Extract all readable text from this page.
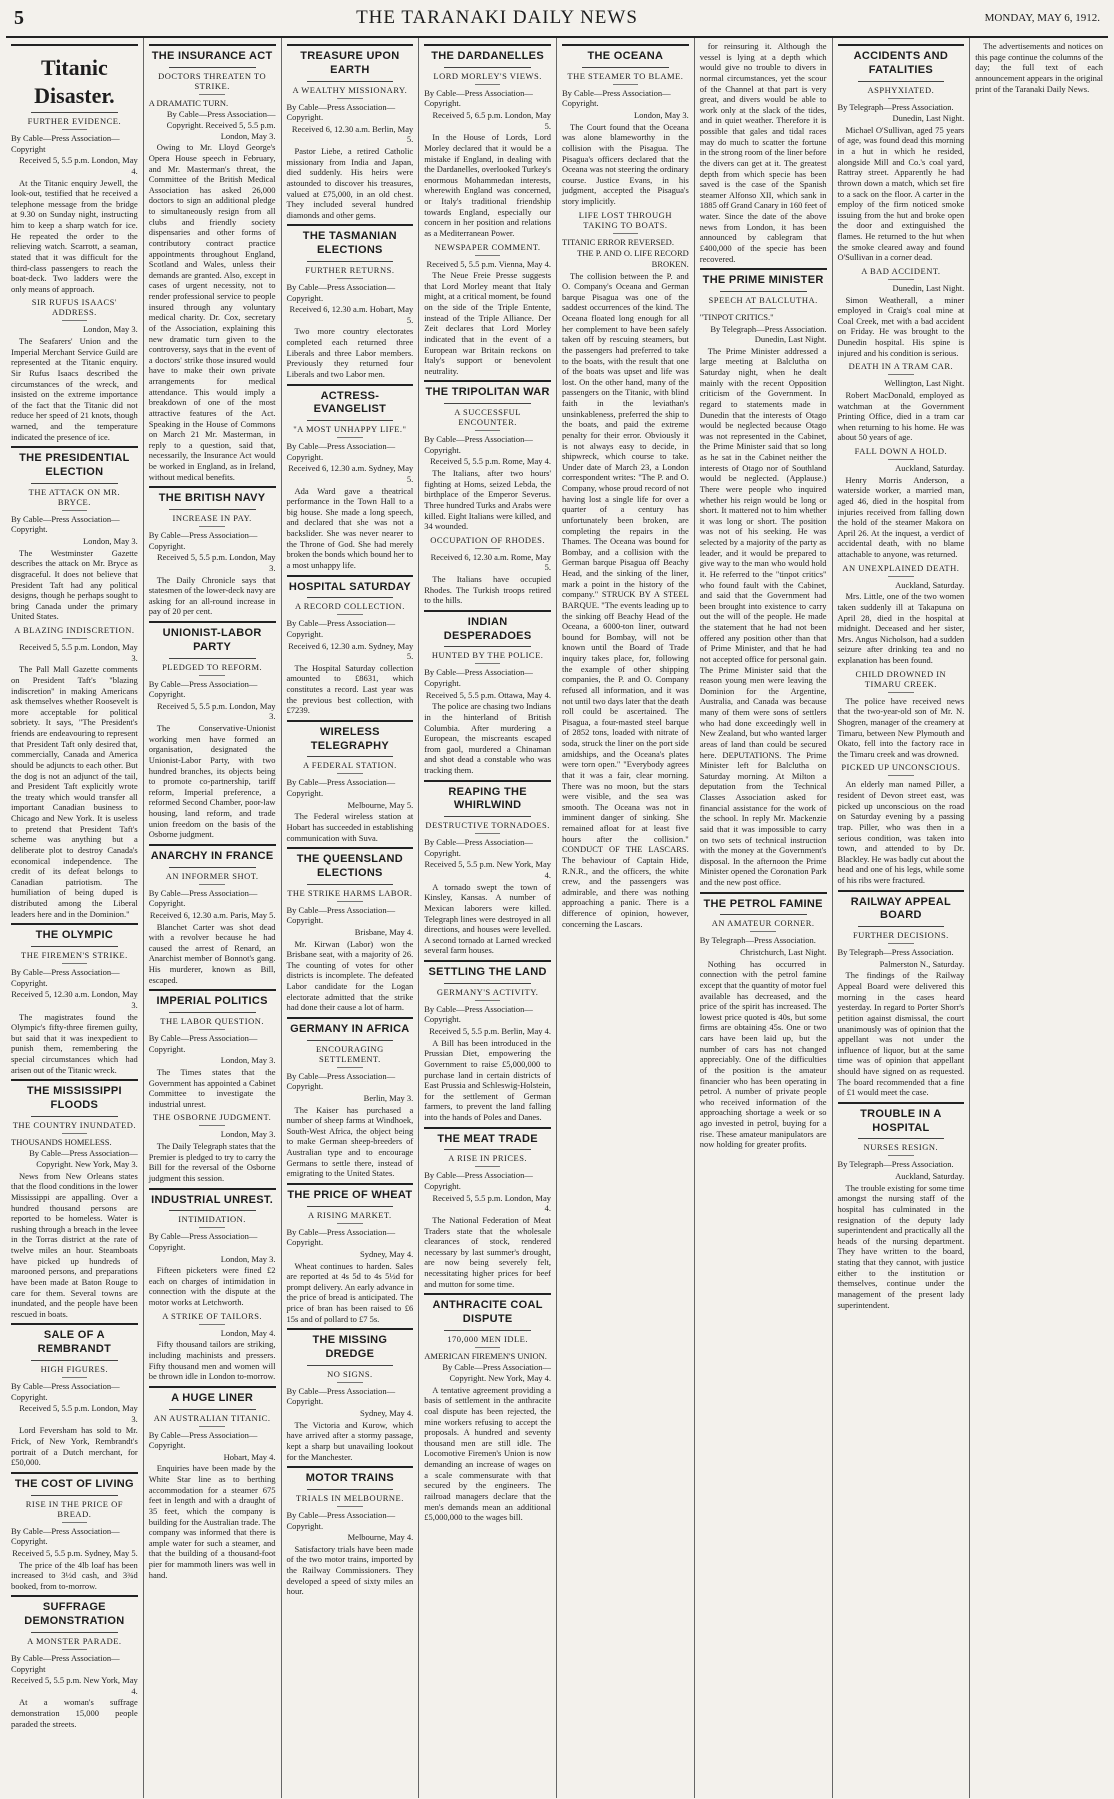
5	THE TARANAKI DAILY NEWS	MONDAY, MAY 6, 1912.
Titanic Disaster.
FURTHER EVIDENCE.
By Cable—Press Association—Copyright
Received 5, 5.5 p.m. London, May 4.

At the Titanic enquiry Jewell, the look-out, testified that he received a telephone message from the bridge at 9.30 on Sunday night, instructing him to keep a sharp watch for ice. He repeated the order to the relieving watch. Scarrott, a seaman, stated that it was difficult for the third-class passengers to reach the boat-deck. Two ladders were the only means of approach.

SIR RUFUS ISAACS' ADDRESS.
London, May 3.

The Seafarers' Union and the Imperial Merchant Service Guild are represented at the Titanic enquiry. Sir Rufus Isaacs described the circumstances of the wreck, and insisted on the extreme importance of the fact that the Titanic did not reduce her speed of 21 knots, though warned, and the temperature indicated the presence of ice.

THE PRESIDENTIAL ELECTION
THE ATTACK ON MR. BRYCE.
By Cable—Press Association—Copyright.
London, May 3.

The Westminster Gazette describes the attack on Mr. Bryce as disgraceful. It does not believe that President Taft had any political designs, though he perhaps sought to bring Canada under the primary United States.

A BLAZING INDISCRETION.
Received 5, 5.5 p.m. London, May 3.

The Pall Mall Gazette comments on President Taft's "blazing indiscretion" in making Americans ask themselves whether Roosevelt is more acceptable for political sobriety. It says, "The President's friends are endeavouring to represent that President Taft only desired that, commercially, Canada and America should be adjuncts to each other. But the dog is not an adjunct of the tail, and President Taft explicitly wrote the treaty which would transfer all important Canadian business to Chicago and New York. It is useless to pretend that President Taft's scheme was anything but a deliberate plot to destroy Canada's economical independence. The credit of its defeat belongs to Canadian patriotism. The humiliation of being duped is distributed among the Liberal leaders here and in the Dominion."

THE OLYMPIC
THE FIREMEN'S STRIKE.
By Cable—Press Association—Copyright.
Received 5, 12.30 a.m. London, May 3.

The magistrates found the Olympic's fifty-three firemen guilty, but said that it was inexpedient to punish them, remembering the special circumstances which had arisen out of the Titanic wreck.

THE MISSISSIPPI FLOODS
THE COUNTRY INUNDATED.
THOUSANDS HOMELESS.
By Cable—Press Association—Copyright. New York, May 3.

News from New Orleans states that the flood conditions in the lower Mississippi are appalling. Over a hundred thousand persons are reported to be homeless. Water is rushing through a breach in the levee in the Torras district at the rate of twelve miles an hour. Steamboats have picked up hundreds of marooned persons, and preparations have been made at Baton Rouge to care for them. Several towns are inundated, and the people have been rescued in boats.

SALE OF A REMBRANDT
HIGH FIGURES.
By Cable—Press Association—Copyright.
Received 5, 5.5 p.m. London, May 3.

Lord Feversham has sold to Mr. Frick, of New York, Rembrandt's portrait of a Dutch merchant, for £50,000.

THE COST OF LIVING
RISE IN THE PRICE OF BREAD.
By Cable—Press Association—Copyright.
Received 5, 5.5 p.m. Sydney, May 5.

The price of the 4lb loaf has been increased to 3½d cash, and 3¾d booked, from to-morrow.

SUFFRAGE DEMONSTRATION
A MONSTER PARADE.
By Cable—Press Association—Copyright
Received 5, 5.5 p.m. New York, May 4.

At a woman's suffrage demonstration 15,000 people paraded the streets.

THE INSURANCE ACT
DOCTORS THREATEN TO STRIKE.
A DRAMATIC TURN.
By Cable—Press Association—Copyright. Received 5, 5.5 p.m. London, May 3.

Owing to Mr. Lloyd George's Opera House speech in February, and Mr. Masterman's threat, the Committee of the British Medical Association has asked 26,000 doctors to sign an additional pledge to simultaneously resign from all clubs and friendly society dispensaries and other forms of contributory contract practice appointments throughout England, Scotland and Wales, unless their demands are granted. Also, except in cases of urgent necessity, not to render professional service to people insured through any voluntary medical charity. Dr. Cox, secretary of the Association, explaining this new dramatic turn given to the controversy, says that in the event of a doctors' strike those insured would have to make their own private arrangements for medical attendance. This would imply a breakdown of one of the most attractive features of the Act. Speaking in the House of Commons on March 21 Mr. Masterman, in reply to a question, said that, necessarily, the Insurance Act would be worked in England, as in Ireland, without medical benefits.

THE BRITISH NAVY
INCREASE IN PAY.
By Cable—Press Association—Copyright.
Received 5, 5.5 p.m. London, May 3.

The Daily Chronicle says that statesmen of the lower-deck navy are asking for an all-round increase in pay of 20 per cent.

UNIONIST-LABOR PARTY
PLEDGED TO REFORM.
By Cable—Press Association—Copyright.
Received 5, 5.5 p.m. London, May 3.

The Conservative-Unionist working men have formed an organisation, designated the Unionist-Labor Party, with two hundred branches, its objects being to promote co-partnership, tariff reform, Imperial preference, a reformed Second Chamber, poor-law housing, land reform, and trade union freedom on the basis of the Osborne judgment.

ANARCHY IN FRANCE
AN INFORMER SHOT.
By Cable—Press Association—Copyright.
Received 6, 12.30 a.m. Paris, May 5.

Blanchet Carter was shot dead with a revolver because he had caused the arrest of Renard, an Anarchist member of Bonnot's gang. His murderer, known as Bill, escaped.

IMPERIAL POLITICS
THE LABOR QUESTION.
By Cable—Press Association—Copyright.
London, May 3.

The Times states that the Government has appointed a Cabinet Committee to investigate the industrial unrest.

THE OSBORNE JUDGMENT.
London, May 3.

The Daily Telegraph states that the Premier is pledged to try to carry the Bill for the reversal of the Osborne judgment this session.

INDUSTRIAL UNREST.
INTIMIDATION.
By Cable—Press Association—Copyright.
London, May 3.

Fifteen picketers were fined £2 each on charges of intimidation in connection with the dispute at the motor works at Letchworth.

A STRIKE OF TAILORS.
London, May 4.

Fifty thousand tailors are striking, including machinists and pressers. Fifty thousand men and women will be thrown idle in London to-morrow.

A HUGE LINER
AN AUSTRALIAN TITANIC.
By Cable—Press Association—Copyright.
Hobart, May 4.

Enquiries have been made by the White Star line as to berthing accommodation for a steamer 675 feet in length and with a draught of 35 feet, which the company is building for the Australian trade. The company was informed that there is ample water for such a steamer, and that the building of a thousand-foot pier for mammoth liners was well in hand.

TREASURE UPON EARTH
A WEALTHY MISSIONARY.
By Cable—Press Association—Copyright.
Received 6, 12.30 a.m. Berlin, May 5.

Pastor Liebe, a retired Catholic missionary from India and Japan, died suddenly. His heirs were astounded to discover his treasures, valued at £75,000, in an old chest. They included several hundred diamonds and other gems.

THE TASMANIAN ELECTIONS
FURTHER RETURNS.
By Cable—Press Association—Copyright.
Received 6, 12.30 a.m. Hobart, May 5.

Two more country electorates completed each returned three Liberals and three Labor members. Previously they returned four Liberals and two Labor men.

ACTRESS-EVANGELIST
"A MOST UNHAPPY LIFE."
By Cable—Press Association—Copyright.
Received 6, 12.30 a.m. Sydney, May 5.

Ada Ward gave a theatrical performance in the Town Hall to a big house. She made a long speech, and declared that she was not a backslider. She was never nearer to the Throne of God. She had merely broken the bonds which bound her to a most unhappy life.

HOSPITAL SATURDAY
A RECORD COLLECTION.
By Cable—Press Association—Copyright.
Received 6, 12.30 a.m. Sydney, May 5.

The Hospital Saturday collection amounted to £8631, which constitutes a record. Last year was the previous best collection, with £7239.

WIRELESS TELEGRAPHY
A FEDERAL STATION.
By Cable—Press Association—Copyright.
Melbourne, May 5.

The Federal wireless station at Hobart has succeeded in establishing communication with Suva.

THE QUEENSLAND ELECTIONS
THE STRIKE HARMS LABOR.
By Cable—Press Association—Copyright.
Brisbane, May 4.

Mr. Kirwan (Labor) won the Brisbane seat, with a majority of 26. The counting of votes for other districts is incomplete. The defeated Labor candidate for the Logan electorate admitted that the strike had done their cause a lot of harm.

GERMANY IN AFRICA
ENCOURAGING SETTLEMENT.
By Cable—Press Association—Copyright.
Berlin, May 3.

The Kaiser has purchased a number of sheep farms at Windhoek, South-West Africa, the object being to make German sheep-breeders of Australian type and to encourage Germans to settle there, instead of emigrating to the United States.

THE PRICE OF WHEAT
A RISING MARKET.
By Cable—Press Association—Copyright.
Sydney, May 4.

Wheat continues to harden. Sales are reported at 4s 5d to 4s 5½d for prompt delivery. An early advance in the price of bread is anticipated. The price of bran has been raised to £6 15s and of pollard to £7 5s.

THE MISSING DREDGE
NO SIGNS.
By Cable—Press Association—Copyright.
Sydney, May 4.

The Victoria and Kurow, which have arrived after a stormy passage, kept a sharp but unavailing lookout for the Manchester.

MOTOR TRAINS
TRIALS IN MELBOURNE.
By Cable—Press Association—Copyright.
Melbourne, May 4.

Satisfactory trials have been made of the two motor trains, imported by the Railway Commissioners. They developed a speed of sixty miles an hour.

THE DARDANELLES
LORD MORLEY'S VIEWS.
By Cable—Press Association—Copyright.
Received 5, 6.5 p.m. London, May 5.

In the House of Lords, Lord Morley declared that it would be a mistake if England, in dealing with the Dardanelles, overlooked Turkey's enormous Mohammedan interests, wherewith England was concerned, or Italy's traditional friendship towards England, especially our concern in her position and relations as a Mediterranean Power.

NEWSPAPER COMMENT.
Received 5, 5.5 p.m. Vienna, May 4.

The Neue Freie Presse suggests that Lord Morley meant that Italy might, at a critical moment, be found on the side of the Triple Entente, instead of the Triple Alliance. Der Zeit declares that Lord Morley indicated that in the event of a European war Britain reckons on Italy's support or benevolent neutrality.

THE TRIPOLITAN WAR
A SUCCESSFUL ENCOUNTER.
By Cable—Press Association—Copyright.
Received 5, 5.5 p.m. Rome, May 4.

The Italians, after two hours' fighting at Homs, seized Lebda, the birthplace of the Emperor Severus. Three hundred Turks and Arabs were killed. Eight Italians were killed, and 34 wounded.

OCCUPATION OF RHODES.
Received 6, 12.30 a.m. Rome, May 5.

The Italians have occupied Rhodes. The Turkish troops retired to the hills.

INDIAN DESPERADOES
HUNTED BY THE POLICE.
By Cable—Press Association—Copyright.
Received 5, 5.5 p.m. Ottawa, May 4.

The police are chasing two Indians in the hinterland of British Columbia. After murdering a European, the miscreants escaped from gaol, murdered a Chinaman and shot dead a constable who was tracking them.

REAPING THE WHIRLWIND
DESTRUCTIVE TORNADOES.
By Cable—Press Association—Copyright.
Received 5, 5.5 p.m. New York, May 4.

A tornado swept the town of Kinsley, Kansas. A number of Mexican laborers were killed. Telegraph lines were destroyed in all directions, and houses were levelled. A second tornado at Larned wrecked several farm houses.

SETTLING THE LAND
GERMANY'S ACTIVITY.
By Cable—Press Association—Copyright.
Received 5, 5.5 p.m. Berlin, May 4.

A Bill has been introduced in the Prussian Diet, empowering the Government to raise £5,000,000 to purchase land in certain districts of East Prussia and Schleswig-Holstein, for the settlement of German farmers, to prevent the land falling into the hands of Poles and Danes.

THE MEAT TRADE
A RISE IN PRICES.
By Cable—Press Association—Copyright.
Received 5, 5.5 p.m. London, May 4.

The National Federation of Meat Traders state that the wholesale clearances of stock, rendered necessary by last summer's drought, are now being severely felt, necessitating higher prices for beef and mutton for some time.

ANTHRACITE COAL DISPUTE
170,000 MEN IDLE.
AMERICAN FIREMEN'S UNION.
By Cable—Press Association—Copyright. New York, May 4.

A tentative agreement providing a basis of settlement in the anthracite coal dispute has been rejected, the mine workers refusing to accept the proposals. A hundred and seventy thousand men are still idle. The Locomotive Firemen's Union is now demanding an increase of wages on a scale commensurate with that secured by the engineers. The railroad managers declare that the men's demands mean an additional £5,000,000 to the wages bill.

THE OCEANA
THE STEAMER TO BLAME.
By Cable—Press Association—Copyright.
London, May 3.

The Court found that the Oceana was alone blameworthy in the collision with the Pisagua. The Pisagua's officers declared that the Oceana was not steering the ordinary course. Justice Evans, in his judgment, accepted the Pisagua's story implicitly.

LIFE LOST THROUGH TAKING TO BOATS.
TITANIC ERROR REVERSED.
THE P. AND O. LIFE RECORD BROKEN.

The collision between the P. and O. Company's Oceana and German barque Pisagua was one of the saddest occurrences of the kind. The Oceana floated long enough for all her complement to have been safely taken off by rescuing steamers, but the passengers had preferred to take to the boats, with the result that one of the boats was upset and life was lost. On the other hand, many of the passengers on the Titanic, with blind faith in the leviathan's unsinkableness, preferred the ship to the boats, and paid the extreme penalty for their error. Obviously it is not always easy to decide, in shipwreck, which course to take. Under date of March 23, a London correspondent writes: "The P. and O. Company, whose proud record of not having lost a single life for over a quarter of a century has unfortunately been broken, are completing the repairs in the Thames. The Oceana was bound for Bombay, and a collision with the German barque Pisagua off Beachy Head, and the sinking of the liner, mark a point in the history of the company." STRUCK BY A STEEL BARQUE. "The events leading up to the sinking off Beachy Head of the Oceana, a 6000-ton liner, outward bound for Bombay, will not be known until the Board of Trade inquiry takes place, for, following the example of other shipping companies, the P. and O. Company refused all information, and it was not until two days later that the death roll could be ascertained. The Pisagua, a four-masted steel barque of 2852 tons, loaded with nitrate of soda, struck the liner on the port side amidships, and the Oceana's plates were torn open." "Everybody agrees that it was a fair, clear morning. There was no moon, but the stars were visible, and the sea was smooth. The Oceana was not in imminent danger of sinking. She remained afloat for at least five hours after the collision." CONDUCT OF THE LASCARS. The behaviour of Captain Hide, R.N.R., and the officers, the white crew, and the passengers was admirable, and there was nothing approaching a panic. There is a difference of opinion, however, concerning the Lascars.

for reinsuring it. Although the vessel is lying at a depth which would give no trouble to divers in normal circumstances, yet the scour of the Channel at that part is very great, and divers would be able to work only at the slack of the tides, and in quiet weather. Therefore it is possible that gales and tidal races may do much to scatter the fortune in the strong room of the liner before the divers can get at it. The greatest depth from which specie has been saved is the case of the Spanish steamer Alfonso XII, which sank in 1885 off Grand Canary in 160 feet of water. Since the date of the above news from London, it has been announced by cablegram that £400,000 of the specie has been recovered.

THE PRIME MINISTER
SPEECH AT BALCLUTHA.
"TINPOT CRITICS."
By Telegraph—Press Association. Dunedin, Last Night.

The Prime Minister addressed a large meeting at Balclutha on Saturday night, when he dealt mainly with the recent Opposition criticism of the Government. In regard to statements made in Dunedin that the interests of Otago would be neglected because Otago was not represented in the Cabinet, the Prime Minister said that so long as he sat in the Cabinet neither the interests of Otago nor of Southland would be neglected. (Applause.) There were people who inquired whether his reign would be long or short. It mattered not to him whether it was long or short. The position was not of his seeking. He was selected by a majority of the party as leader, and it would be prepared to give way to the man who would hold it. He referred to the "tinpot critics" who found fault with the Cabinet, and said that the Government had been brought into existence to carry out the will of the people. He made the statement that he had not been offered any position other than that of Prime Minister, and that he had not accepted office for personal gain. The Prime Minister said that the reason young men were leaving the Dominion for the Argentine, Australia, and Canada was because many of them were sons of settlers who had done exceedingly well in New Zealand, but who wanted larger areas of land than could be secured here. DEPUTATIONS. The Prime Minister left for Balclutha on Saturday morning. At Milton a deputation from the Technical Classes Association asked for financial assistance for the work of the school. In reply Mr. Mackenzie said that it was impossible to carry on two sets of technical instruction with the money at the Government's disposal. In the afternoon the Prime Minister opened the Coronation Park and the new post office.

THE PETROL FAMINE
AN AMATEUR CORNER.
By Telegraph—Press Association.
Christchurch, Last Night.

Nothing has occurred in connection with the petrol famine except that the quantity of motor fuel available has decreased, and the price of the spirit has increased. The lowest price quoted is 40s, but some firms are obtaining 45s. One or two cars have been laid up, but the number of cars has not changed appreciably. One of the difficulties of the position is the amateur financier who has been operating in petrol. A number of private people who received information of the approaching shortage a week or so ago invested in petrol, buying for a rise. These amateur manipulators are now holding for greater profits.

ACCIDENTS AND FATALITIES
ASPHYXIATED.
By Telegraph—Press Association.
Dunedin, Last Night.

Michael O'Sullivan, aged 75 years of age, was found dead this morning in a hut in which he resided, alongside Mill and Co.'s coal yard, Rattray street. Apparently he had thrown down a match, which set fire to a sack on the floor. A carter in the employ of the firm noticed smoke issuing from the hut and broke open the door and extinguished the flames. He returned to the hut when the smoke cleared away and found O'Sullivan in a corner dead.

A BAD ACCIDENT.
Dunedin, Last Night.

Simon Weatherall, a miner employed in Craig's coal mine at Coal Creek, met with a bad accident on Friday. He was brought to the Dunedin hospital. His spine is injured and his condition is serious.

DEATH IN A TRAM CAR.
Wellington, Last Night.

Robert MacDonald, employed as watchman at the Government Printing Office, died in a tram car when returning to his home. He was about 50 years of age.

FALL DOWN A HOLD.
Auckland, Saturday.

Henry Morris Anderson, a waterside worker, a married man, aged 46, died in the hospital from injuries received from falling down the hold of the steamer Makora on April 26. At the inquest, a verdict of accidental death, with no blame attachable to anyone, was returned.

AN UNEXPLAINED DEATH.
Auckland, Saturday.

Mrs. Little, one of the two women taken suddenly ill at Takapuna on April 28, died in the hospital at midnight. Deceased and her sister, Mrs. Angus Nicholson, had a sudden seizure after drinking tea and no explanation has been found.

CHILD DROWNED IN TIMARU CREEK.

The police have received news that the two-year-old son of Mr. N. Shogren, manager of the creamery at Timaru, between New Plymouth and Okato, fell into the factory race in the Timaru creek and was drowned.

PICKED UP UNCONSCIOUS.

An elderly man named Piller, a resident of Devon street east, was picked up unconscious on the road on Saturday evening by a passing trap. Piller, who was then in a serious condition, was taken into town, and attended to by Dr. Blackley. He was badly cut about the head and one of his legs, while some of his ribs were fractured.

RAILWAY APPEAL BOARD
FURTHER DECISIONS.
By Telegraph—Press Association.
Palmerston N., Saturday.

The findings of the Railway Appeal Board were delivered this morning in the cases heard yesterday. In regard to Porter Shorr's petition against dismissal, the court unanimously was of opinion that the appellant was not under the influence of liquor, but at the same time was of opinion that appellant should have signed on as requested. The board recommended that a fine of £1 would meet the case.

TROUBLE IN A HOSPITAL
NURSES RESIGN.
By Telegraph—Press Association.
Auckland, Saturday.

The trouble existing for some time amongst the nursing staff of the hospital has culminated in the resignation of the deputy lady superintendent and practically all the heads of the nursing department. They have written to the board, stating that they cannot, with justice either to the institution or themselves, continue under the management of the present lady superintendent.

The advertisements and notices on this page continue the columns of the day; the full text of each announcement appears in the original print of the Taranaki Daily News.
